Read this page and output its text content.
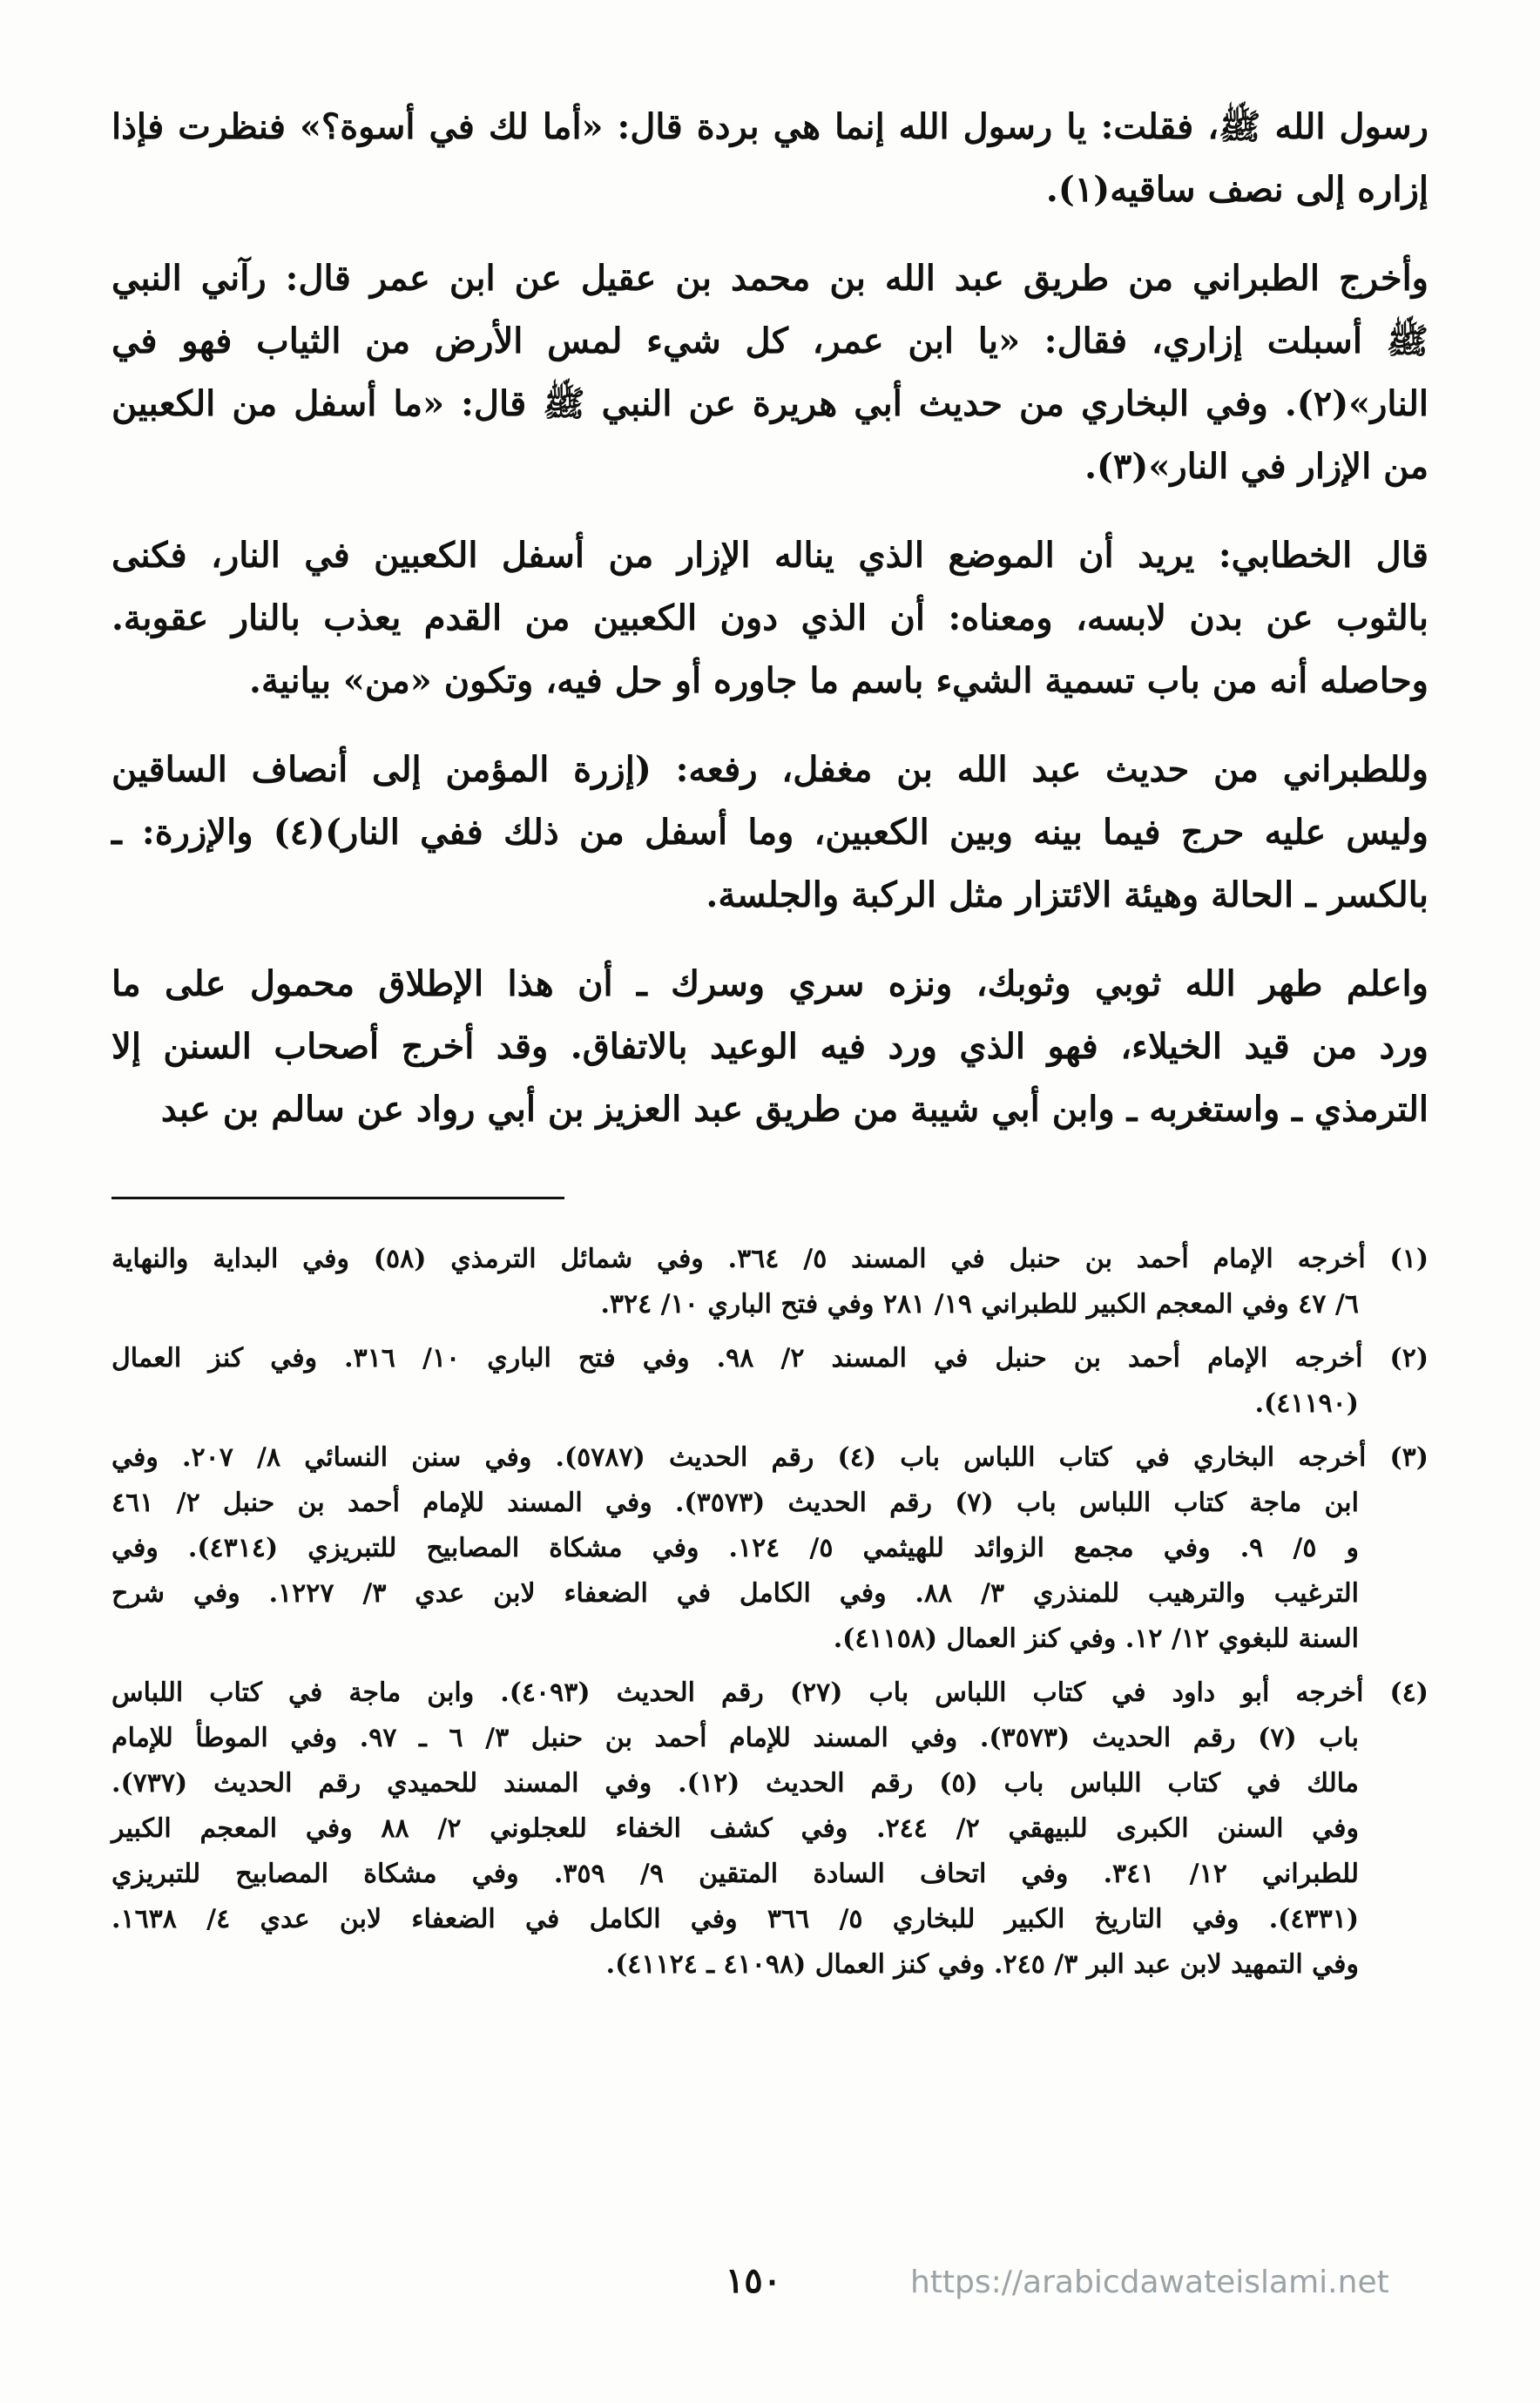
رسول الله ﷺ، فقلت: يا رسول الله إنما هي بردة قال: «أما لك في أسوة؟» فنظرت فإذا
إزاره إلى نصف ساقيه(١).
وأخرج الطبراني من طريق عبد الله بن محمد بن عقيل عن ابن عمر قال: رآني النبي
ﷺ أسبلت إزاري، فقال: «يا ابن عمر، كل شيء لمس الأرض من الثياب فهو في
النار»(٢). وفي البخاري من حديث أبي هريرة عن النبي ﷺ قال: «ما أسفل من الكعبين
من الإزار في النار»(٣).
قال الخطابي: يريد أن الموضع الذي يناله الإزار من أسفل الكعبين في النار، فكنى
بالثوب عن بدن لابسه، ومعناه: أن الذي دون الكعبين من القدم يعذب بالنار عقوبة.
وحاصله أنه من باب تسمية الشيء باسم ما جاوره أو حل فيه، وتكون «من» بيانية.
وللطبراني من حديث عبد الله بن مغفل، رفعه: (إزرة المؤمن إلى أنصاف الساقين
وليس عليه حرج فيما بينه وبين الكعبين، وما أسفل من ذلك ففي النار)(٤) والإزرة: ـ
بالكسر ـ الحالة وهيئة الائتزار مثل الركبة والجلسة.
واعلم طهر الله ثوبي وثوبك، ونزه سري وسرك ـ أن هذا الإطلاق محمول على ما
ورد من قيد الخيلاء، فهو الذي ورد فيه الوعيد بالاتفاق. وقد أخرج أصحاب السنن إلا
الترمذي ـ واستغربه ـ وابن أبي شيبة من طريق عبد العزيز بن أبي رواد عن سالم بن عبد
(١) أخرجه الإمام أحمد بن حنبل في المسند ٥/ ٣٦٤. وفي شمائل الترمذي (٥٨) وفي البداية والنهاية
٦/ ٤٧ وفي المعجم الكبير للطبراني ١٩/ ٢٨١ وفي فتح الباري ١٠/ ٣٢٤.
(٢) أخرجه الإمام أحمد بن حنبل في المسند ٢/ ٩٨. وفي فتح الباري ١٠/ ٣١٦. وفي كنز العمال
(٤١١٩٠).
(٣) أخرجه البخاري في كتاب اللباس باب (٤) رقم الحديث (٥٧٨٧). وفي سنن النسائي ٨/ ٢٠٧. وفي
ابن ماجة كتاب اللباس باب (٧) رقم الحديث (٣٥٧٣). وفي المسند للإمام أحمد بن حنبل ٢/ ٤٦١
و ٥/ ٩. وفي مجمع الزوائد للهيثمي ٥/ ١٢٤. وفي مشكاة المصابيح للتبريزي (٤٣١٤). وفي
الترغيب والترهيب للمنذري ٣/ ٨٨. وفي الكامل في الضعفاء لابن عدي ٣/ ١٢٢٧. وفي شرح
السنة للبغوي ١٢/ ١٢. وفي كنز العمال (٤١١٥٨).
(٤) أخرجه أبو داود في كتاب اللباس باب (٢٧) رقم الحديث (٤٠٩٣). وابن ماجة في كتاب اللباس
باب (٧) رقم الحديث (٣٥٧٣). وفي المسند للإمام أحمد بن حنبل ٣/ ٦ ـ ٩٧. وفي الموطأ للإمام
مالك في كتاب اللباس باب (٥) رقم الحديث (١٢). وفي المسند للحميدي رقم الحديث (٧٣٧).
وفي السنن الكبرى للبيهقي ٢/ ٢٤٤. وفي كشف الخفاء للعجلوني ٢/ ٨٨ وفي المعجم الكبير
للطبراني ١٢/ ٣٤١. وفي اتحاف السادة المتقين ٩/ ٣٥٩. وفي مشكاة المصابيح للتبريزي
(٤٣٣١). وفي التاريخ الكبير للبخاري ٥/ ٣٦٦ وفي الكامل في الضعفاء لابن عدي ٤/ ١٦٣٨.
وفي التمهيد لابن عبد البر ٣/ ٢٤٥. وفي كنز العمال (٤١٠٩٨ ـ ٤١١٢٤).
١٥٠	https://arabicdawateislami.net
